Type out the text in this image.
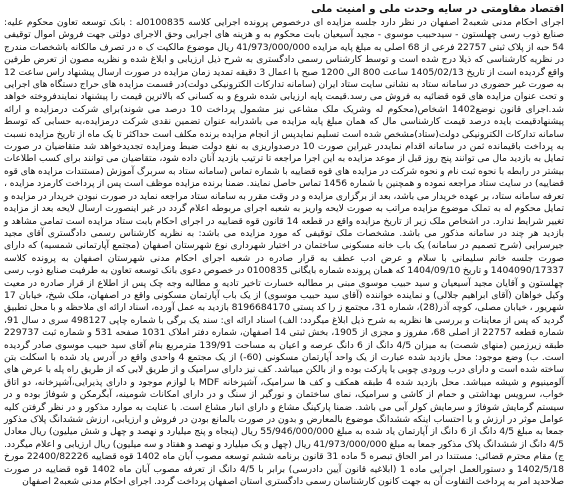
اقتصاد مقاومتی در سایه وحدت ملی و امنیت ملی
اجرای احکام مدنی شعبه2 اصفهان در نظر دارد جلسه مزایده ای درخصوص پرونده اجرایی کلاسه 0100835له : بانک توسعه تعاون محکوم علیه: صنایع ذوب رسی چهلستون - سیدحبیب موسوی - مجید آسیعیان بابت محکوم به و هزینه های اجرایی وحق الاجرای دولتی جهت فروش اموال توقیفی 54 حبه از پلاک ثبتی 22757 فرعی از 68 اصلی به مبلغ پایه مزایده 41/973/000/000 ریال موضوع مالکیت ک ه در تصرف مالکانه باشخصات مندرج در نظریه کارشناسی که ذیلا درج شده است و توسط کارشناس رسمی دادگستری به شرح ذیل ارزیابی و ابلاغ شده و نظریه مصون از تعرض طرفین واقع گردیده است از تاریخ 1405/02/13 ساعت 800 الی 1200 صبح با اعمال 3 دقیقه تمدید زمان مزایده در صورت ارسال پیشنهاد راس ساعت 12 به صورت غیر حضوری در سامانه ستاد به نشانی سایت ستاد ایران (سامانه تداركات الكترونیكی دولت)در قسمت مزایده های حراج دستگاه های اجرایی و تحت عنوان مزایده های قوه قضائیه به فروش می رسد.قیمت پایه ارزیابی شده شروع و به کسانی که بالاترین قیمت را پیشنهاد نمایندفروخته خواهد شد.اجرای قانون نوضع1402 اشخاص(محکوم له وشریک ملک مشاعی نیز مشمول پرداخت 10 درصد می شوند)برای شرکت درمزایده و ارائه پیشنهادقیمت بایده درصد قیمت کارشناسی مال که همان مبلغ پایه مزایده می باشدرابه عنوان تضمین نقدی شرکت درمزایده،به حسابی که توسط سامانه تداركات الکترونیکی دولت(ستاد)مشخص شده است تسلیم نمایدپس از انجام مزایده برنده مکلف است حداکثر تا یک ماه از تاریخ مزایده نسبت به پرداخت باقیمانده ثمن در سامانه اقدام نمایددر غیراین صورت 10 درصدواریزی به نفع دولت ضبط ومزایده تجدیدخواهد شد متقاضیان در صورت تمایل به بازدید مال می توانند پنج روز قبل از موعد مزایده به این اجرا مراجعه تا ترتیب بازدید آنان داده شود، متقاضیان می توانند برای کسب اطلاعات بیشتر در رابطه با نحوه ثبت نام و نحوه شرکت در مزایده های قوه قضاییه با شماره تماس (سامانه ستاد به سربرگ آموزش (مستندات مزایده های قوه قضاییه) در سایت ستاد مراجعه نموده و همچنین با شماره 1456 تماس حاصل نمایند. ضمنا برنده مزایده موظف است پس از پرداخت کارمزد مزایده ، تعرفه سامانه ستاد، بر عهده خریدار می باشد، بعد از برگزاری مزایده و در وقت مقرر به سامانه ستاد مراجعه نماید در صورت نبودن خریدار در مزایده و تمایل محکوم له به تملک موضوع مزایده مراتب به صورت لایحه واریز به شعبه اجرای مربوطه اعلام گردد در غیر اینصورت ارسال لایحه بعد از مزایده تغییر شرایط ندارد. در اشخاص ملک زیر از تاریخ مزایده واقع در قطعه 14 قانون قوه قضاییه در اجرای احکام بابت ستاد مزایده است تمامی مشاهد و بازدید هر چند در سامانه مذکور می باشد. مشخصات ملک توقیفی که مورد مزایده می باشد: به نظریه کارشناس رسمی دادگستری آقای مجید جیرسرایی (شرح تصمیم در سامانه) یک باب خانه مسکونی ساختمان در اختیار شهرداری نوع شهرستان اصفهان (مجتمع آپارتمانی شمسیه) که دارای صورت جلسه خانم سلیمانی با سلام و عرض ادب عطف به قرار صادره در شعبه اجرای احکام مدنی شهرستان اصفهان به پرونده کلاسه 1404090/17337 و تاریخ 1404/09/10 که همان پرونده شماره بایگانی 0100835 در خصوص دعوی بانک توسعه تعاون به طرفیت صنایع ذوب رسی چهلستون و آقایان مجید آسیعیان و سید حبیب موسوی مبنی بر مطالبه خسارت تاخیر تادیه و مطالبه وجه چک پس از اطلاع از قرار صادره در معیت وکیل خواهان (آقای ابراهیم جلالی) و نماینده خواننده (آقای سید حبیب موسوی) از یک باب آپارتمان مسکونی واقع در اصفهان، ملک شیخ، خیابان 17 شهریور ، خیابان مصلی، کوچه آذر(28)، شماره 31، مجتمع ز را کد پستی 8196684170 بازدید به عمل آورده، اسناد ارائه ای ملاحظه و با محل تطبیق گردید که پس از معاینات و بررسی ها نظریه به شرح ذیل ابلاغ میگردد: الف) اسناد ارائه ای: سند یک برگی با شماره چاپی 498127 سری د سال 91، شماره قطعه 22757 از اصلی 68، مفروز و مجزی از 1905، بخش ثبتی 14 اصفهان، شماره دفتر املاک 1031 صفحه 531 و شماره ثبت 229737 طبقه زیرزمین (منهای شصت) به میزان 4/5 دانگ از 6 دانگ عرصه و اعیان به مساحت 139/91 مترمربع بنام آقای سید حبیب موسوی صادر گردیده است. ب) وضع موجود: محل بازدید شده عبارت از یک واحد آپارتمان مسکونی (60-) از یک مجتمع 4 واحدی واقع در آدرس یاد شده با اسکلت بتن ساخته شده است و دارای درب ورودی چوبی یا پارکت بوده و از بالکن میباشد. کف نیز دارای سرامیک و از طریق لابی که از طریق راه پله با عرض های آلومینیوم و شیشه میباشد. محل بازدید شده 4 طبقه همکف و کف ها سرامیک، آشپزخانه MDF با لوازم موجود و دارای پذیرایی،آشپزخانه، دو اتاق خواب، سرویس بهداشتی و حمام از کاشی و سرامیک، نمای ساختمان و نورگیر از سنگ و در دارای امکانات شومینه، آبگرمکن و شوفاژ بوده و در سیستم گرمایش شوفاژ و سرمایش کولر آبی می باشد. ضمنا پارکینگ مشاع و دارای انبار مشاع است. با عنایت به موارد مذکور و در نظر گرفتن کلیه عوامل موثر در ارزش و با احتساب اینکه ششدانگ موضوع بالمعارض و بدون در صورت بالمانع بودن در فروش و ارزیابی، ارزش ششدانگ پلاک مذکور جمعا به مبلغ 4/5 دانگ از 6 دانگ از آپارتمان یاد شده به مبلغ 55/946/000/000 ریال (پنجاه و پنج میلیارد و نهصد و چهل و شش میلیون) ریال معادل 4/5 دانگ از ششدانگ پلاک مذکور جمعا به مبلغ 41/973/000/000 ریال (چهل و یک میلیارد و نهصد و هفتاد و سه میلیون) ریال ارزیابی و اعلام میگردد. ج) مقام محترم قضائی: مستندا در امر الحاق تبصره 5 ماده 31 قانون برنامه ششم توسعه مصوب آبان ماه 1402 قوه قضاییه 22400/82226 مورخ 1402/5/18 و دستورالعمل اجرایی ماده 1 (ابلاغیه قانون آیین دادرسی) برابر با 4/5 دانگ از تعرفه مصوب آبان ماه 1402 قوه قضاییه در صورت صلاحدید امر به پرداخت التفاوت آن به جهت کانون کارشناسان رسمی دادگستری استان اصفهان پرداخت گردد. اجرای احکام مدنی شعبه2 اصفهان
